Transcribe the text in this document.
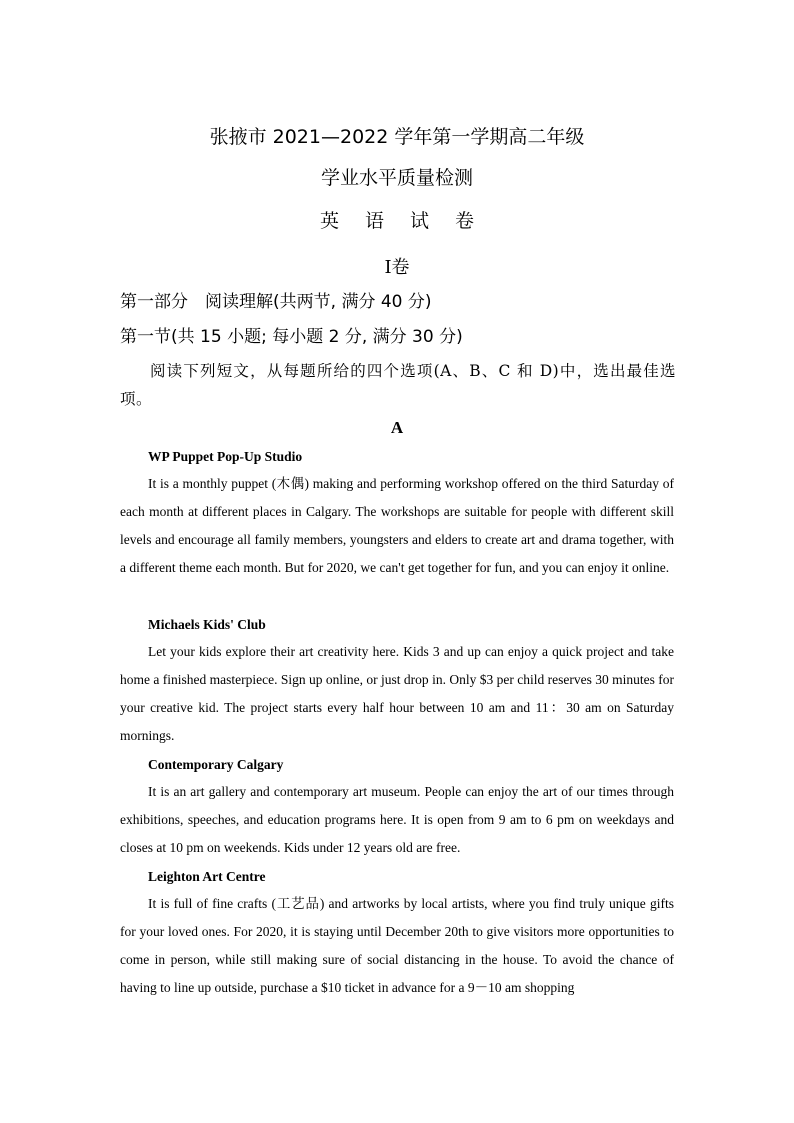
张掖市 2021—2022 学年第一学期高二年级
学业水平质量检测
英 语 试 卷
Ⅰ卷
第一部分　阅读理解(共两节, 满分 40 分)
第一节(共 15 小题; 每小题 2 分, 满分 30 分)
阅读下列短文，从每题所给的四个选项(A、B、C 和 D)中，选出最佳选项。
A
WP Puppet Pop-Up Studio
It is a monthly puppet (木偶) making and performing workshop offered on the third Saturday of each month at different places in Calgary. The workshops are suitable for people with different skill levels and encourage all family members, youngsters and elders to create art and drama together, with a different theme each month. But for 2020, we can't get together for fun, and you can enjoy it online.
Michaels Kids' Club
Let your kids explore their art creativity here. Kids 3 and up can enjoy a quick project and take home a finished masterpiece. Sign up online, or just drop in. Only $3 per child reserves 30 minutes for your creative kid. The project starts every half hour between 10 am and 11：30 am on Saturday mornings.
Contemporary Calgary
It is an art gallery and contemporary art museum. People can enjoy the art of our times through exhibitions, speeches, and education programs here. It is open from 9 am to 6 pm on weekdays and closes at 10 pm on weekends. Kids under 12 years old are free.
Leighton Art Centre
It is full of fine crafts (工艺品) and artworks by local artists, where you find truly unique gifts for your loved ones. For 2020, it is staying until December 20th to give visitors more opportunities to come in person, while still making sure of social distancing in the house. To avoid the chance of having to line up outside, purchase a $10 ticket in advance for a 9－10 am shopping
